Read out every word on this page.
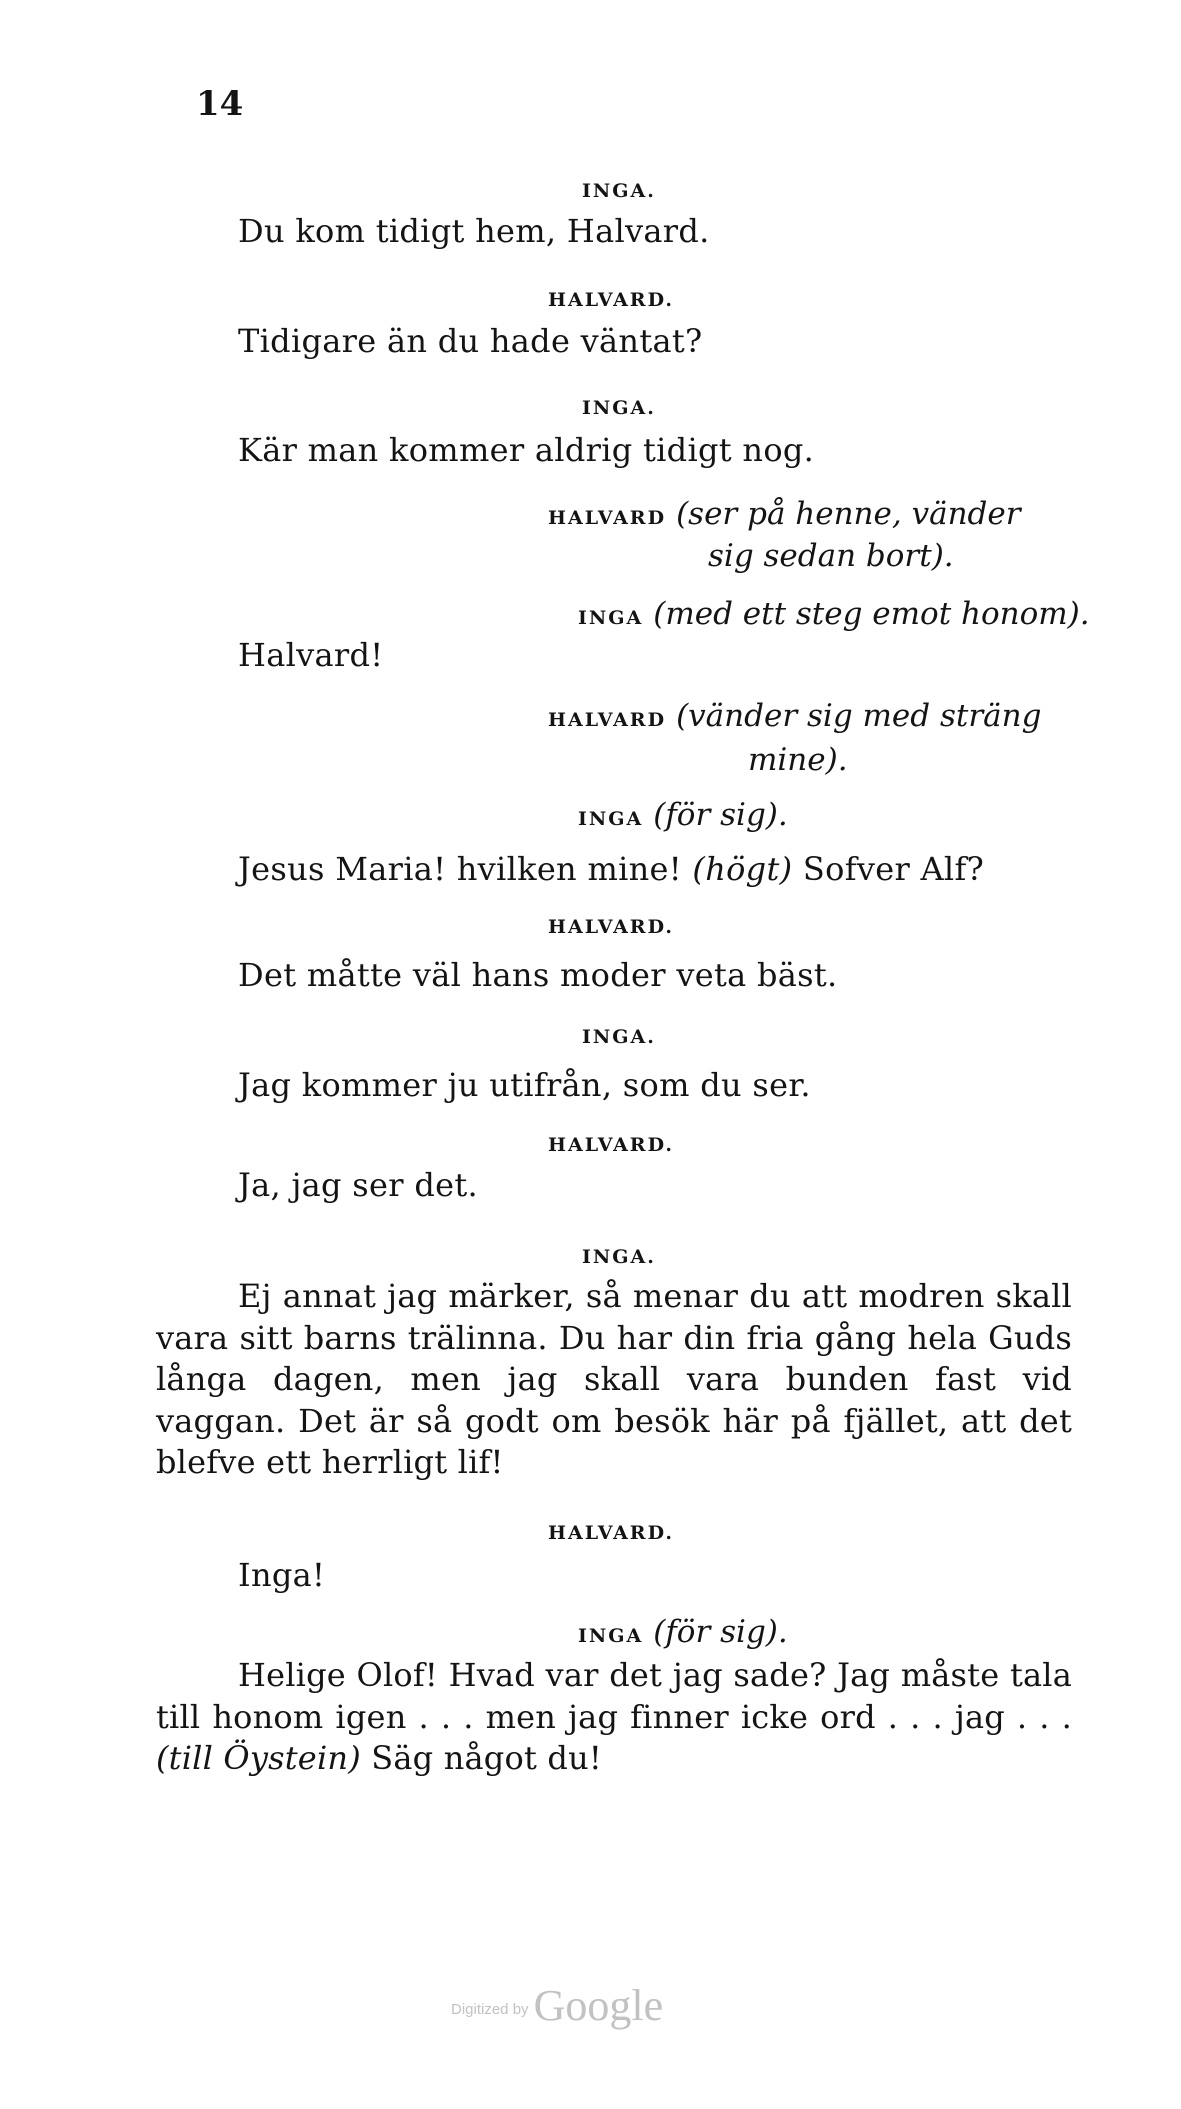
14
INGA.
Du kom tidigt hem, Halvard.
HALVARD.
Tidigare än du hade väntat?
INGA.
Kär man kommer aldrig tidigt nog.
HALVARD (ser på henne, vänder
sig sedan bort).
INGA (med ett steg emot honom).
Halvard!
HALVARD (vänder sig med sträng
mine).
INGA (för sig).
Jesus Maria! hvilken mine! (högt) Sofver Alf?
HALVARD.
Det måtte väl hans moder veta bäst.
INGA.
Jag kommer ju utifrån, som du ser.
HALVARD.
Ja, jag ser det.
INGA.
Ej annat jag märker, så menar du att modren skall vara sitt barns trälinna. Du har din fria gång hela Guds långa dagen, men jag skall vara bunden fast vid vaggan. Det är så godt om besök här på fjället, att det blefve ett herrligt lif!
HALVARD.
Inga!
INGA (för sig).
Helige Olof! Hvad var det jag sade? Jag måste tala till honom igen . . . men jag finner icke ord . . . jag . . . (till Öystein) Säg något du!
Digitized by Google
